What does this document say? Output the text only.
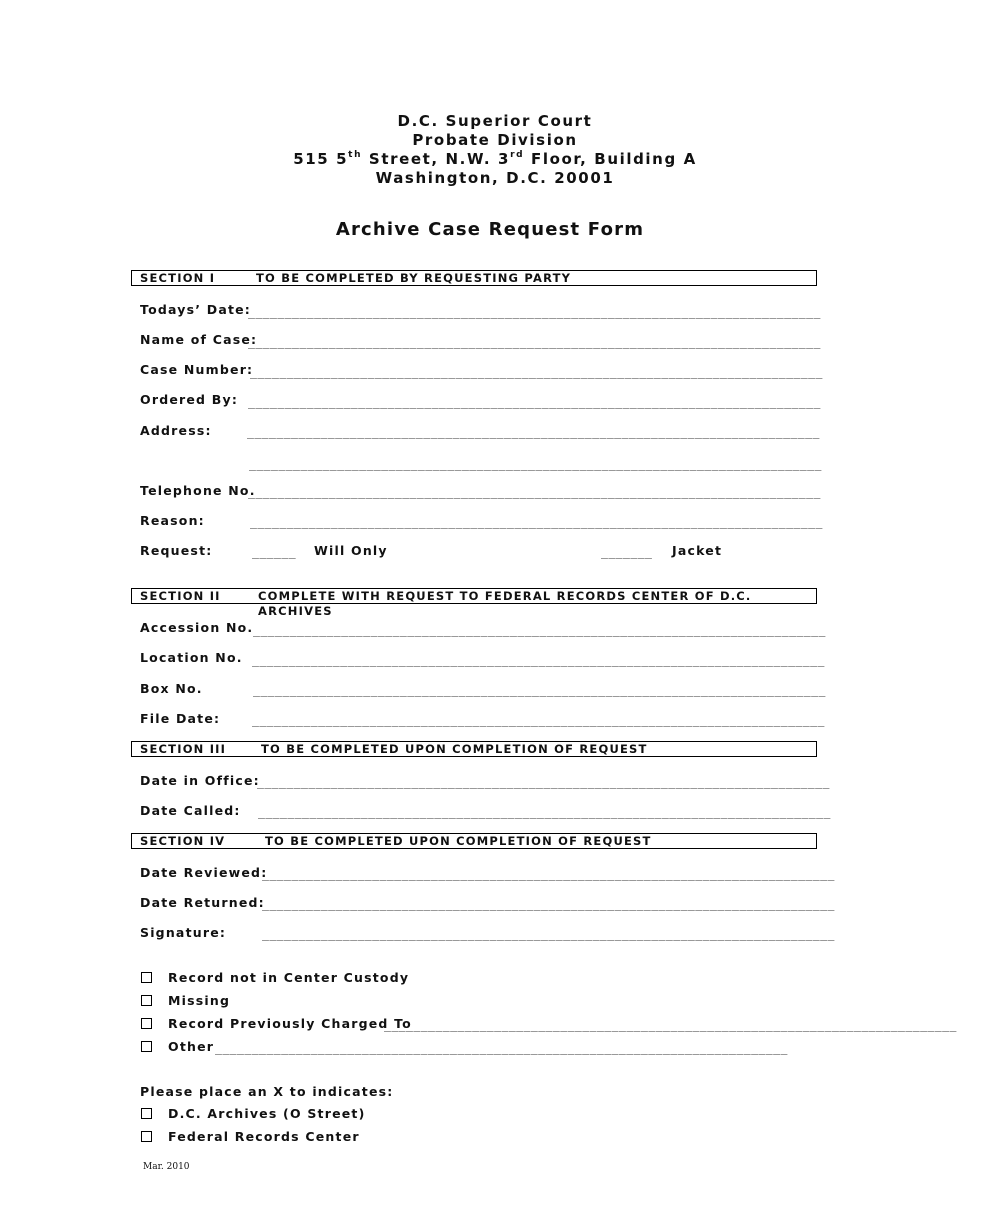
D.C. Superior Court
Probate Division
515 5th Street, N.W. 3rd Floor, Building A
Washington, D.C. 20001
Archive Case Request Form
SECTION I	TO BE COMPLETED BY REQUESTING PARTY
Todays’ Date:
______________________________________________________________________________
Name of Case:
______________________________________________________________________________
Case Number:
______________________________________________________________________________
Ordered By: ______________________________________________________________________________
Address:	______________________________________________________________________________
______________________________________________________________________________
Telephone No.
______________________________________________________________________________
Reason:	______________________________________________________________________________
Request:	______ Will Only	_______ Jacket
SECTION II	COMPLETE WITH REQUEST TO FEDERAL RECORDS CENTER OF D.C. ARCHIVES
Accession No. ______________________________________________________________________________
Location No. ______________________________________________________________________________
Box No.	______________________________________________________________________________
File Date:	______________________________________________________________________________
SECTION III	TO BE COMPLETED UPON COMPLETION OF REQUEST
Date in Office:
______________________________________________________________________________
Date Called: ______________________________________________________________________________
SECTION IV	TO BE COMPLETED UPON COMPLETION OF REQUEST
Date Reviewed:
______________________________________________________________________________
Date Returned:
______________________________________________________________________________
Signature:	______________________________________________________________________________
Record not in Center Custody
Missing
Record Previously Charged To
______________________________________________________________________________
Other ______________________________________________________________________________
Please place an X to indicates:
D.C. Archives (O Street)
Federal Records Center
Mar. 2010
